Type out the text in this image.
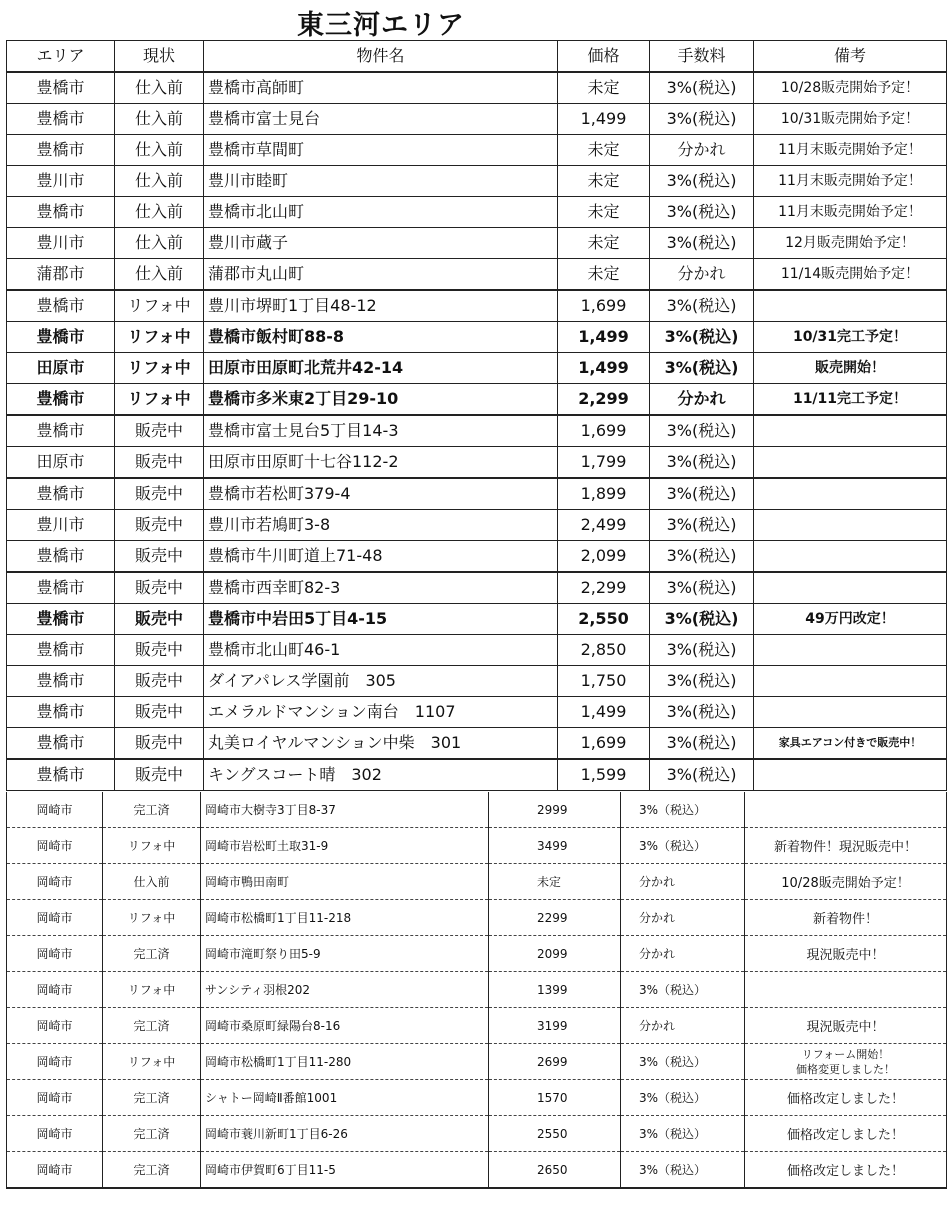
東三河エリア
エリア	現状	物件名	価格	手数料	備考
豊橋市	仕入前	豊橋市高師町	未定	3%(税込)	10/28販売開始予定！
豊橋市	仕入前	豊橋市富士見台	1,499	3%(税込)	10/31販売開始予定！
豊橋市	仕入前	豊橋市草間町	未定	分かれ	11月末販売開始予定！
豊川市	仕入前	豊川市睦町	未定	3%(税込)	11月末販売開始予定！
豊橋市	仕入前	豊橋市北山町	未定	3%(税込)	11月末販売開始予定！
豊川市	仕入前	豊川市蔵子	未定	3%(税込)	12月販売開始予定！
蒲郡市	仕入前	蒲郡市丸山町	未定	分かれ	11/14販売開始予定！
豊橋市	リフォ中	豊川市堺町1丁目48-12	1,699	3%(税込)	
豊橋市	リフォ中	豊橋市飯村町88-8	1,499	3%(税込)	10/31完工予定！
田原市	リフォ中	田原市田原町北荒井42-14	1,499	3%(税込)	販売開始！
豊橋市	リフォ中	豊橋市多米東2丁目29-10	2,299	分かれ	11/11完工予定！
豊橋市	販売中	豊橋市富士見台5丁目14-3	1,699	3%(税込)	
田原市	販売中	田原市田原町十七谷112-2	1,799	3%(税込)	
豊橋市	販売中	豊橋市若松町379-4	1,899	3%(税込)	
豊川市	販売中	豊川市若鳩町3-8	2,499	3%(税込)	
豊橋市	販売中	豊橋市牛川町道上71-48	2,099	3%(税込)	
豊橋市	販売中	豊橋市西幸町82-3	2,299	3%(税込)	
豊橋市	販売中	豊橋市中岩田5丁目4-15	2,550	3%(税込)	49万円改定！
豊橋市	販売中	豊橋市北山町46-1	2,850	3%(税込)	
豊橋市	販売中	ダイアパレス学園前　305	1,750	3%(税込)	
豊橋市	販売中	エメラルドマンション南台　1107	1,499	3%(税込)	
豊橋市	販売中	丸美ロイヤルマンション中柴　301	1,699	3%(税込)	家具エアコン付きで販売中！
豊橋市	販売中	キングスコート晴　302	1,599	3%(税込)	
岡崎市	完工済	岡崎市大樹寺3丁目8-37	2999	3%（税込）	

岡崎市	リフォ中	岡崎市岩松町土取31-9	3499	3%（税込）	新着物件！現況販売中！

岡崎市	仕入前	岡崎市鴨田南町	未定	分かれ	10/28販売開始予定！

岡崎市	リフォ中	岡崎市松橋町1丁目11-218	2299	分かれ	新着物件！

岡崎市	完工済	岡崎市滝町祭り田5-9	2099	分かれ	現況販売中！

岡崎市	リフォ中	サンシティ羽根202	1399	3%（税込）	

岡崎市	完工済	岡崎市桑原町緑陽台8-16	3199	分かれ	現況販売中！

岡崎市	リフォ中	岡崎市松橋町1丁目11-280	2699	3%（税込）	リフォーム開始！
価格変更しました！

岡崎市	完工済	シャトー岡崎Ⅱ番館1001	1570	3%（税込）	価格改定しました！

岡崎市	完工済	岡崎市蓑川新町1丁目6-26	2550	3%（税込）	価格改定しました！

岡崎市	完工済	岡崎市伊賀町6丁目11-5	2650	3%（税込）	価格改定しました！
